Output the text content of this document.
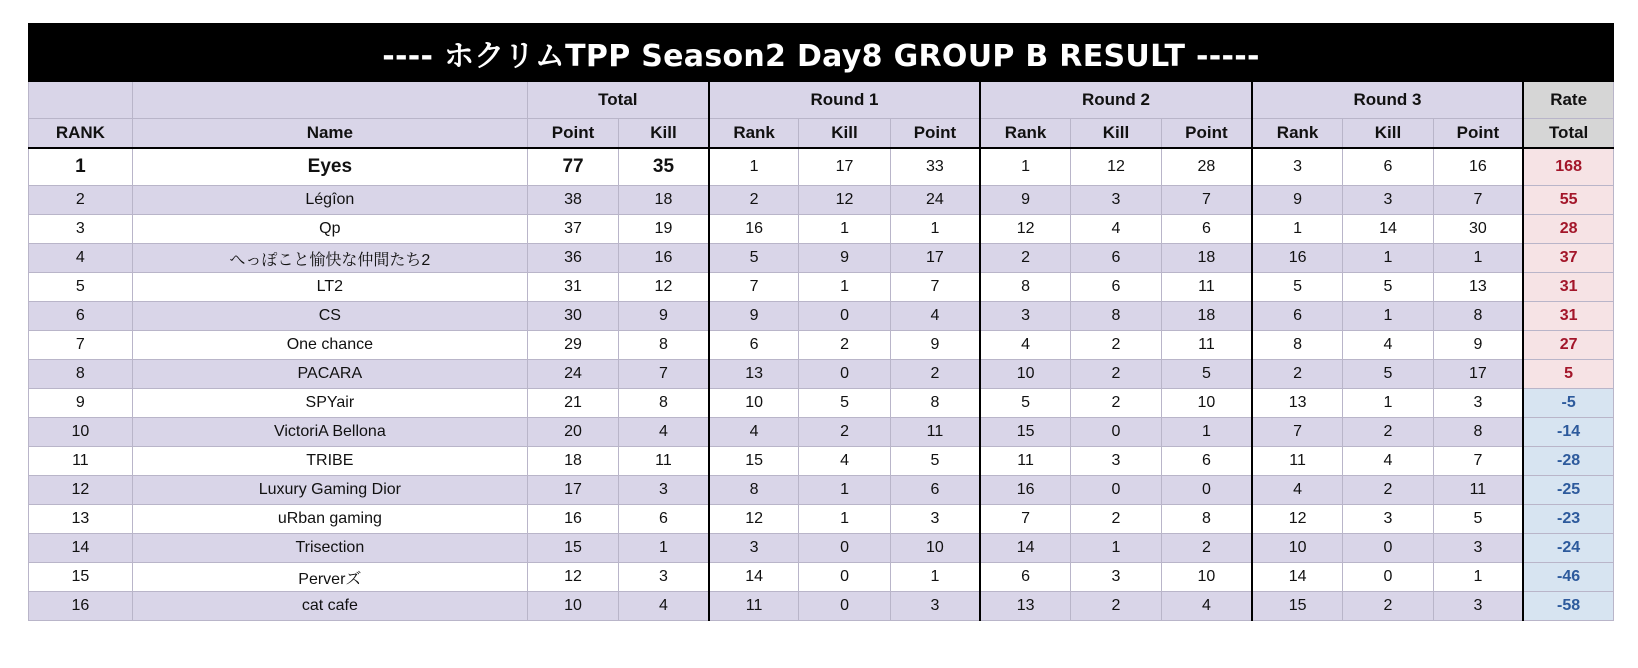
---- ホクリムTPP Season2 Day8 GROUP B RESULT -----
		Total		Round 1			Round 2			Round 3			Rate
RANK	Name	Point	Kill	Rank	Kill	Point	Rank	Kill	Point	Rank	Kill	Point	Total
1	Eyes	77	35	1	17	33	1	12	28	3	6	16	168
2	Légîon	38	18	2	12	24	9	3	7	9	3	7	55
3	Qp	37	19	16	1	1	12	4	6	1	14	30	28
4	へっぽこと愉快な仲間たち2	36	16	5	9	17	2	6	18	16	1	1	37
5	LT2	31	12	7	1	7	8	6	11	5	5	13	31
6	CS	30	9	9	0	4	3	8	18	6	1	8	31
7	One chance	29	8	6	2	9	4	2	11	8	4	9	27
8	PACARA	24	7	13	0	2	10	2	5	2	5	17	5
9	SPYair	21	8	10	5	8	5	2	10	13	1	3	-5
10	VictoriA Bellona	20	4	4	2	11	15	0	1	7	2	8	-14
11	TRIBE	18	11	15	4	5	11	3	6	11	4	7	-28
12	Luxury Gaming Dior	17	3	8	1	6	16	0	0	4	2	11	-25
13	uRban gaming	16	6	12	1	3	7	2	8	12	3	5	-23
14	Trisection	15	1	3	0	10	14	1	2	10	0	3	-24
15	Perverズ	12	3	14	0	1	6	3	10	14	0	1	-46
16	cat cafe	10	4	11	0	3	13	2	4	15	2	3	-58
